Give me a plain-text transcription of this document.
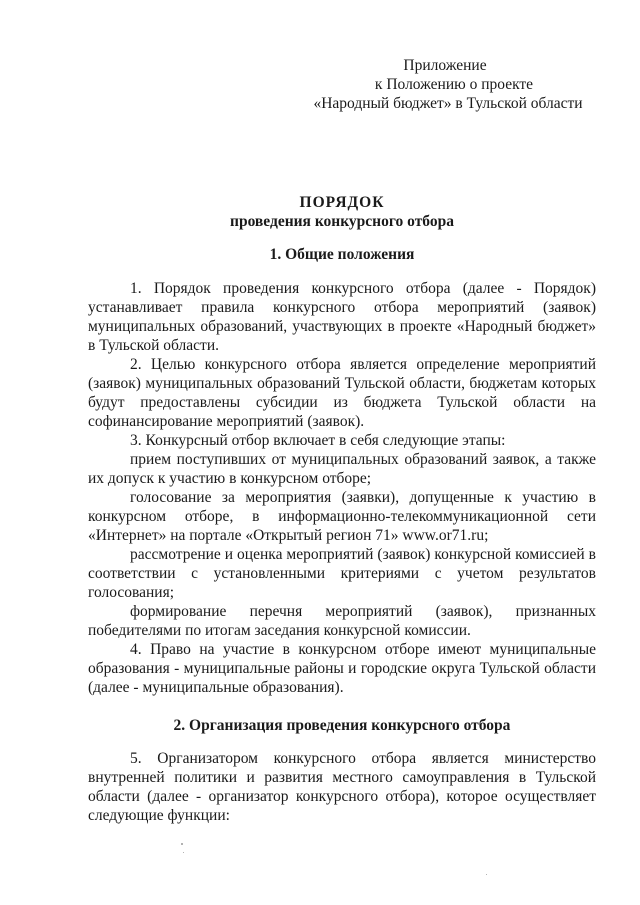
Приложение
к Положению о проекте
«Народный бюджет» в Тульской области
ПОРЯДОК
проведения конкурсного отбора
1. Общие положения

1. Порядок проведения конкурсного отбора (далее - Порядок) устанавливает правила конкурсного отбора мероприятий (заявок) муниципальных образований, участвующих в проекте «Народный бюджет» в Тульской области.

2. Целью конкурсного отбора является определение мероприятий (заявок) муниципальных образований Тульской области, бюджетам которых будут предоставлены субсидии из бюджета Тульской области на софинансирование мероприятий (заявок).

3. Конкурсный отбор включает в себя следующие этапы:

прием поступивших от муниципальных образований заявок, а также их допуск к участию в конкурсном отборе;

голосование за мероприятия (заявки), допущенные к участию в конкурсном отборе, в информационно-телекоммуникационной сети «Интернет» на портале «Открытый регион 71» www.or71.ru;

рассмотрение и оценка мероприятий (заявок) конкурсной комиссией в соответствии с установленными критериями с учетом результатов голосования;

формирование перечня мероприятий (заявок), признанных победителями по итогам заседания конкурсной комиссии.

4. Право на участие в конкурсном отборе имеют муниципальные образования - муниципальные районы и городские округа Тульской области (далее - муниципальные образования).

2. Организация проведения конкурсного отбора

5. Организатором конкурсного отбора является министерство внутренней политики и развития местного самоуправления в Тульской области (далее - организатор конкурсного отбора), которое осуществляет следующие функции:
